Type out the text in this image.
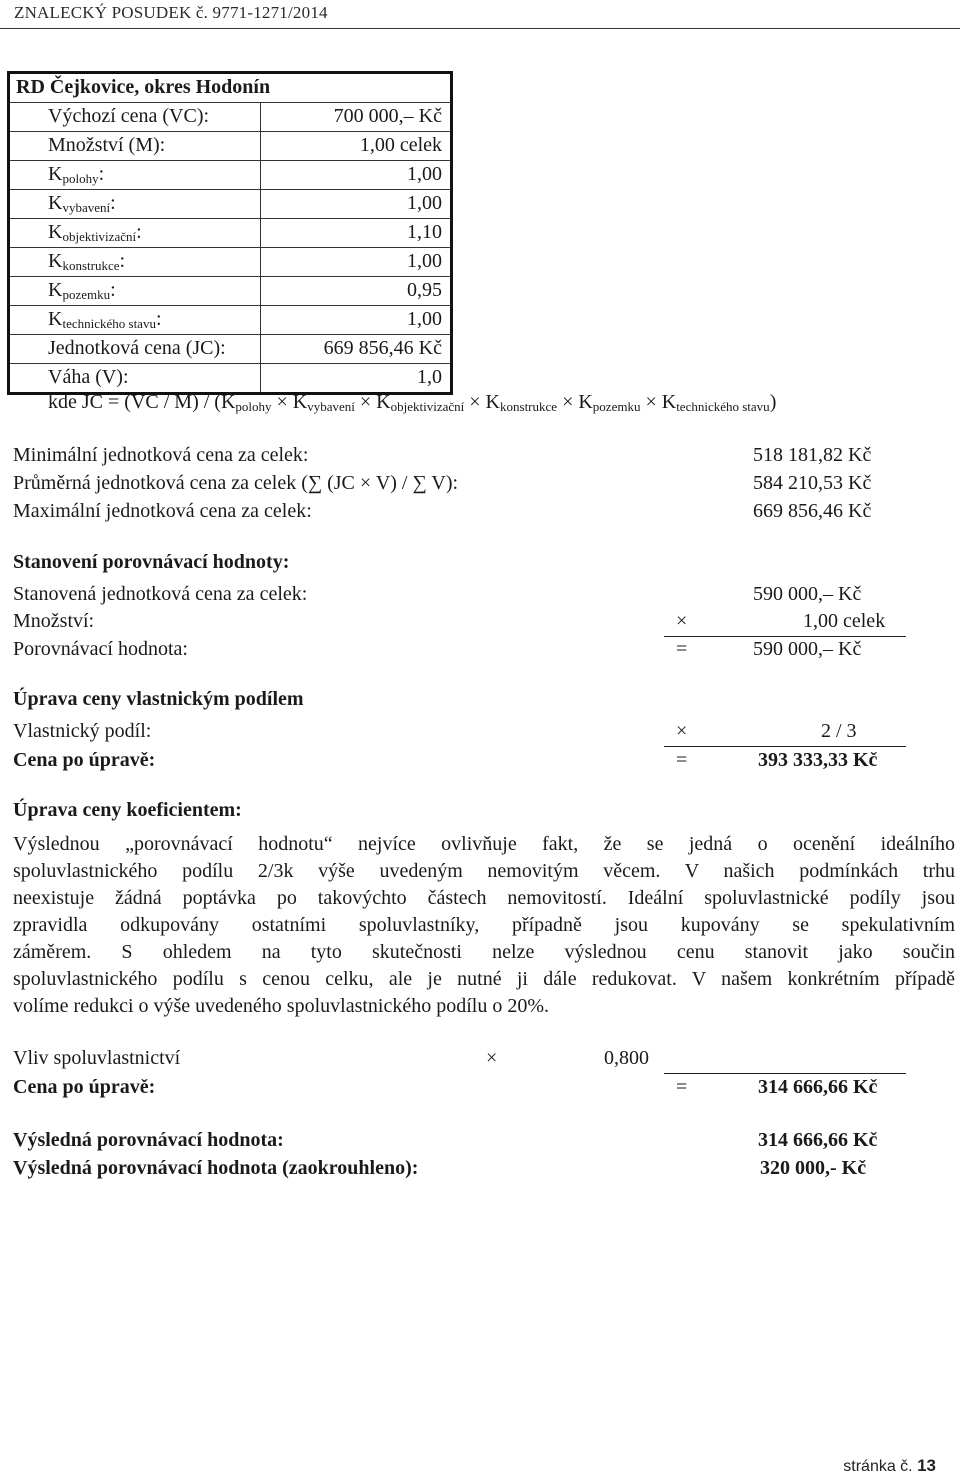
ZNALECKÝ POSUDEK č. 9771-1271/2014
RD Čejkovice, okres Hodonín
Výchozí cena (VC):	700 000,– Kč
Množství (M):	1,00 celek
$K_{polohy}$:	1,00
$K_{vybavení}$:	1,00
$K_{objektivizační}$:	1,10
$K_{konstrukce}$:	1,00
$K_{pozemku}$:	0,95
$K_{technického stavu}$:	1,00
Jednotková cena (JC):	669 856,46 Kč
Váha (V):	1,0
kde JC = $(VC / M) / (K_{polohy} \times K_{vybavení} \times K_{objektivizační} \times K_{konstrukce} \times K_{pozemku} \times K_{technického stavu})$
Minimální jednotková cena za celek:	518 181,82 Kč
Průměrná jednotková cena za celek (∑ (JC × V) / ∑ V):	584 210,53 Kč
Maximální jednotková cena za celek:	669 856,46 Kč
Stanovení porovnávací hodnoty:
Stanovená jednotková cena za celek:	590 000,– Kč
Množství:	×	1,00 celek
Porovnávací hodnota:	=	590 000,– Kč
Úprava ceny vlastnickým podílem
Vlastnický podíl:	×	2 / 3
Cena po úpravě:	=	393 333,33 Kč
Úprava ceny koeficientem:
Výslednou „porovnávací hodnotu“ nejvíce ovlivňuje fakt, že se jedná o ocenění ideálního
spoluvlastnického podílu 2/3k výše uvedeným nemovitým věcem. V našich podmínkách trhu
neexistuje žádná poptávka po takovýchto částech nemovitostí. Ideální spoluvlastnické podíly jsou
zpravidla odkupovány ostatními spoluvlastníky, případně jsou kupovány se spekulativním
záměrem. S ohledem na tyto skutečnosti nelze výslednou cenu stanovit jako součin
spoluvlastnického podílu s cenou celku, ale je nutné ji dále redukovat. V našem konkrétním případě
volíme redukci o výše uvedeného spoluvlastnického podílu o 20%.
Vliv spoluvlastnictví	×	0,800
Cena po úpravě:	=	314 666,66 Kč
Výsledná porovnávací hodnota:	314 666,66 Kč
Výsledná porovnávací hodnota (zaokrouhleno):	320 000,- Kč
stránka č. 13
